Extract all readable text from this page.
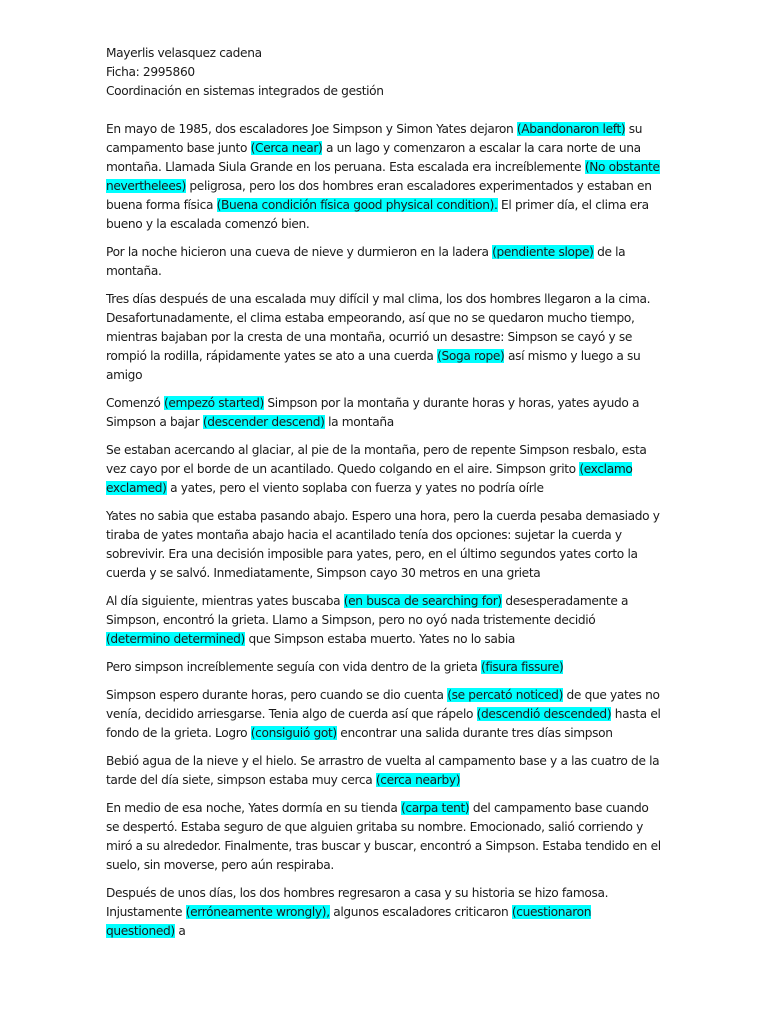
Mayerlis velasquez cadena

Ficha: 2995860

Coordinación en sistemas integrados de gestión

En mayo de 1985, dos escaladores Joe Simpson y Simon Yates dejaron (Abandonaron left) su campamento base junto (Cerca near) a un lago y comenzaron a escalar la cara norte de una montaña. Llamada Siula Grande en los peruana. Esta escalada era increíblemente (No obstante neverthelees) peligrosa, pero los dos hombres eran escaladores experimentados y estaban en buena forma física (Buena condición física good physical condition). El primer día, el clima era bueno y la escalada comenzó bien.

Por la noche hicieron una cueva de nieve y durmieron en la ladera (pendiente slope) de la montaña.

Tres días después de una escalada muy difícil y mal clima, los dos hombres llegaron a la cima. Desafortunadamente, el clima estaba empeorando, así que no se quedaron mucho tiempo, mientras bajaban por la cresta de una montaña, ocurrió un desastre: Simpson se cayó y se rompió la rodilla, rápidamente yates se ato a una cuerda (Soga rope) así mismo y luego a su amigo

Comenzó (empezó started) Simpson por la montaña y durante horas y horas, yates ayudo a Simpson a bajar (descender descend) la montaña

Se estaban acercando al glaciar, al pie de la montaña, pero de repente Simpson resbalo, esta vez cayo por el borde de un acantilado. Quedo colgando en el aire. Simpson grito (exclamo exclamed) a yates, pero el viento soplaba con fuerza y yates no podría oírle

Yates no sabia que estaba pasando abajo. Espero una hora, pero la cuerda pesaba demasiado y tiraba de yates montaña abajo hacia el acantilado tenía dos opciones: sujetar la cuerda y sobrevivir. Era una decisión imposible para yates, pero, en el último segundos yates corto la cuerda y se salvó. Inmediatamente, Simpson cayo 30 metros en una grieta

Al día siguiente, mientras yates buscaba (en busca de searching for) desesperadamente a Simpson, encontró la grieta. Llamo a Simpson, pero no oyó nada tristemente decidió (determino determined) que Simpson estaba muerto. Yates no lo sabia

Pero simpson increíblemente seguía con vida dentro de la grieta (fisura fissure)

Simpson espero durante horas, pero cuando se dio cuenta (se percató noticed) de que yates no venía, decidido arriesgarse. Tenia algo de cuerda así que rápelo (descendió descended) hasta el fondo de la grieta. Logro (consiguió got) encontrar una salida durante tres días simpson

Bebió agua de la nieve y el hielo. Se arrastro de vuelta al campamento base y a las cuatro de la tarde del día siete, simpson estaba muy cerca (cerca nearby)

En medio de esa noche, Yates dormía en su tienda (carpa tent) del campamento base cuando se despertó. Estaba seguro de que alguien gritaba su nombre. Emocionado, salió corriendo y miró a su alrededor. Finalmente, tras buscar y buscar, encontró a Simpson. Estaba tendido en el suelo, sin moverse, pero aún respiraba.

Después de unos días, los dos hombres regresaron a casa y su historia se hizo famosa. Injustamente (erróneamente wrongly), algunos escaladores criticaron (cuestionaron questioned) a
